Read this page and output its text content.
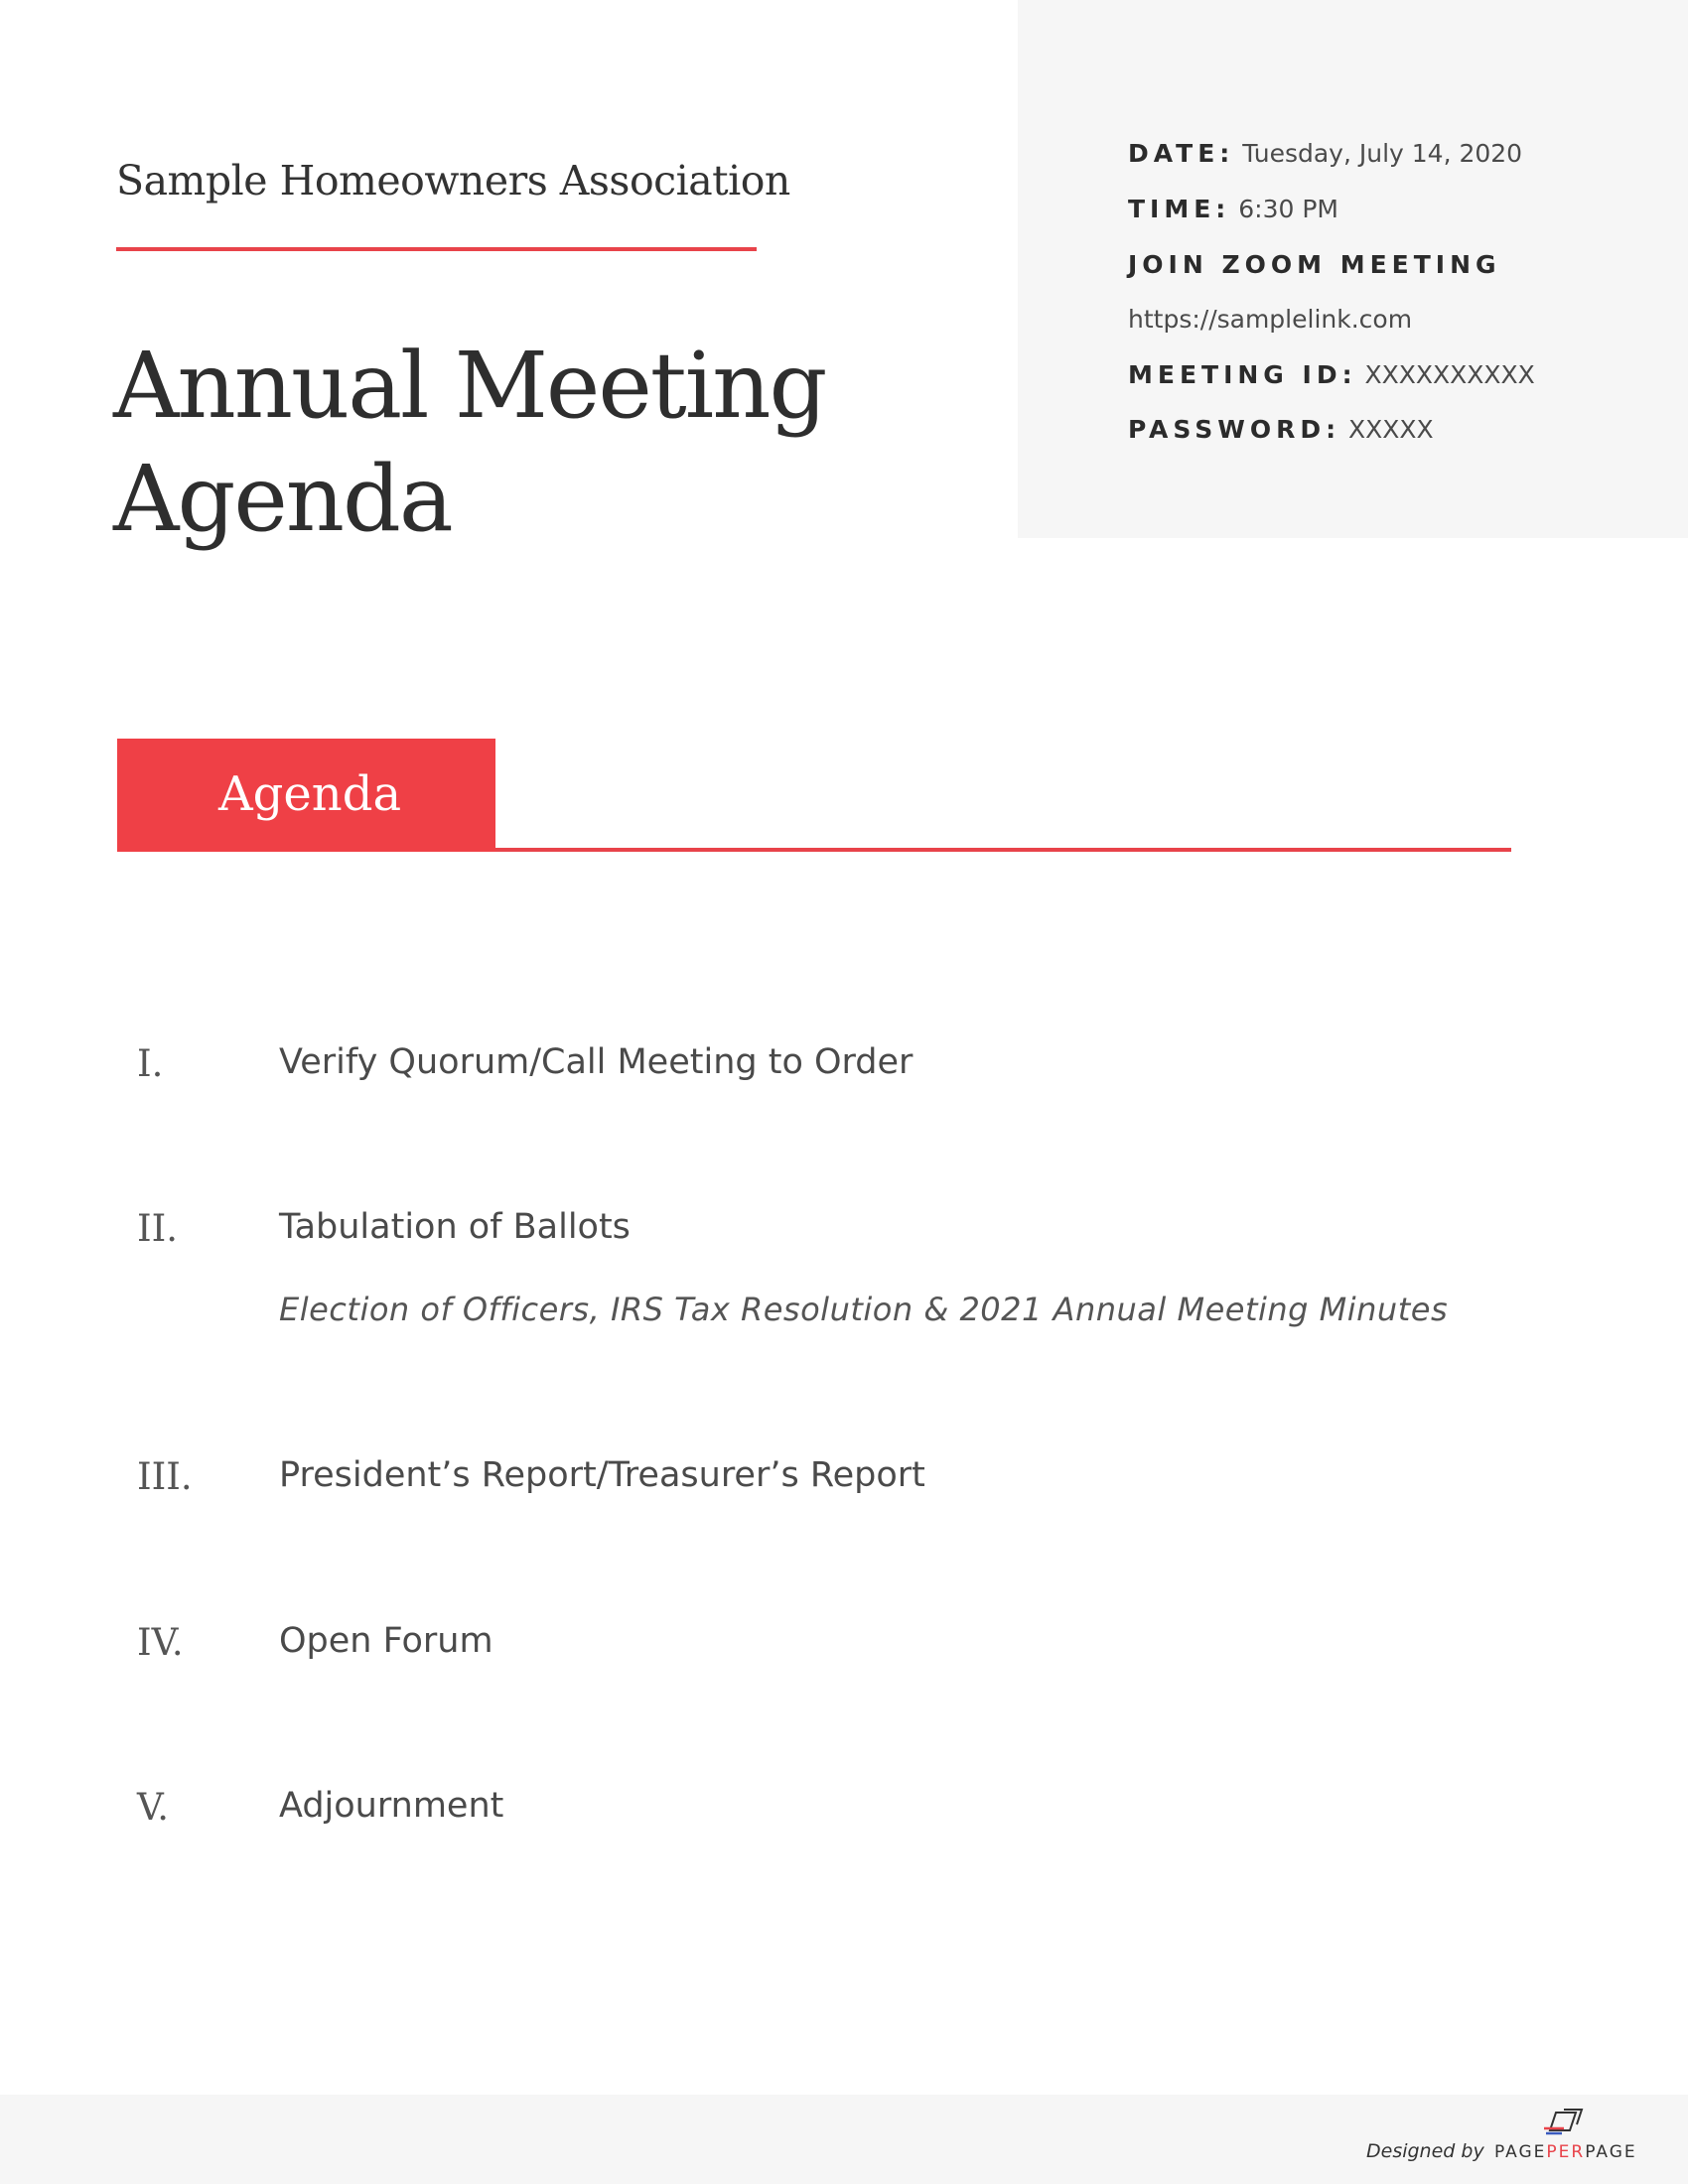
DATE: Tuesday, July 14, 2020
TIME: 6:30 PM
JOIN ZOOM MEETING
https://samplelink.com
MEETING ID: XXXXXXXXXX
PASSWORD: XXXXX
Sample Homeowners Association
Annual Meeting
Agenda
Agenda
I.	Verify Quorum/Call Meeting to Order
II.	Tabulation of Ballots
Election of Officers, IRS Tax Resolution & 2021 Annual Meeting Minutes
III. President’s Report/Treasurer’s Report
IV.	Open Forum
V.	Adjournment
Designed by PAGEPERPAGE
